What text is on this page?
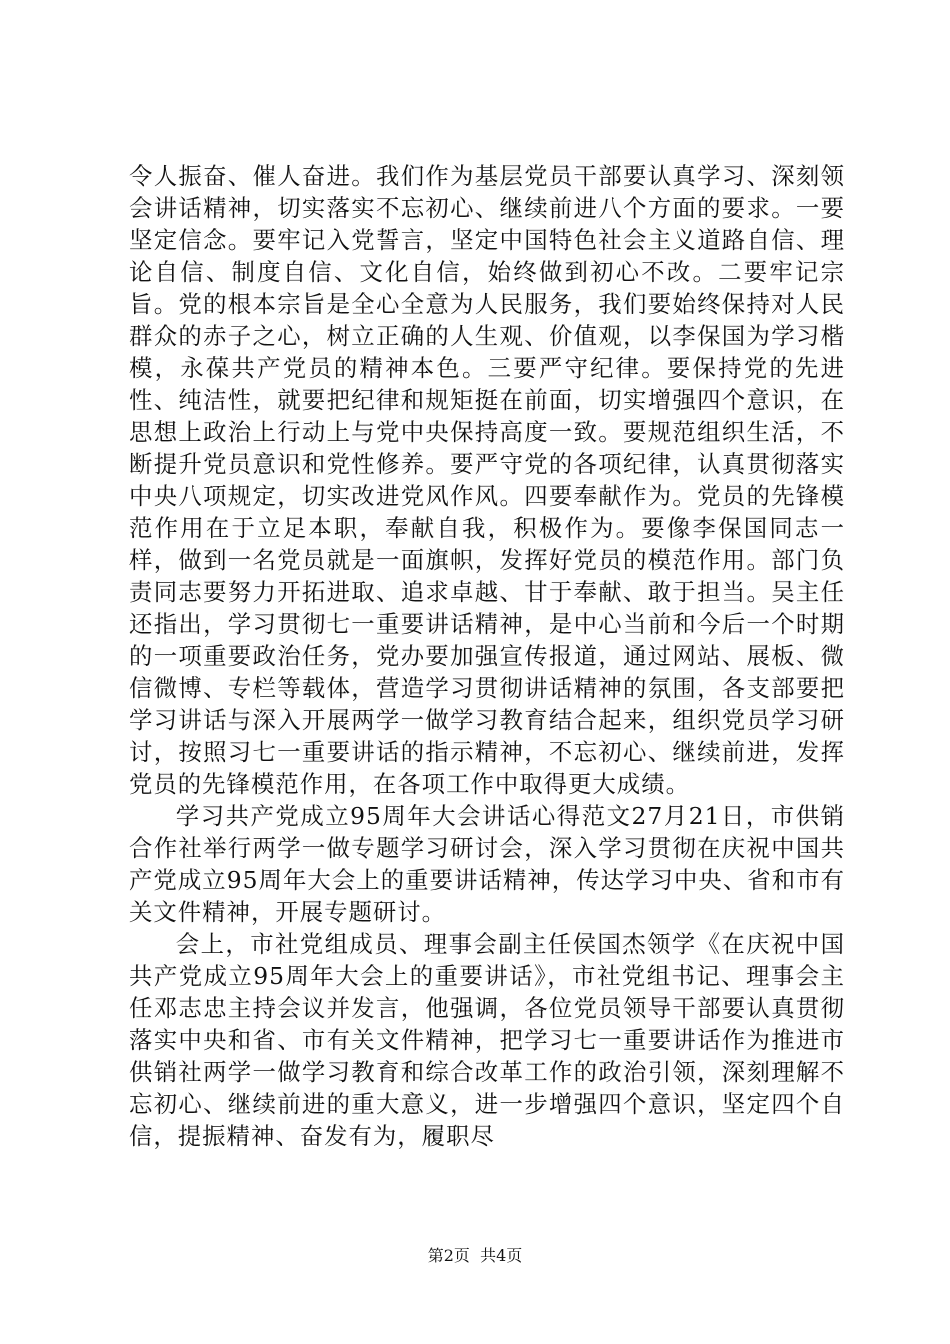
令人振奋、催人奋进。我们作为基层党员干部要认真学习、深刻领会讲话精神，切实落实不忘初心、继续前进八个方面的要求。一要坚定信念。要牢记入党誓言，坚定中国特色社会主义道路自信、理论自信、制度自信、文化自信，始终做到初心不改。二要牢记宗旨。党的根本宗旨是全心全意为人民服务，我们要始终保持对人民群众的赤子之心，树立正确的人生观、价值观，以李保国为学习楷模，永葆共产党员的精神本色。三要严守纪律。要保持党的先进性、纯洁性，就要把纪律和规矩挺在前面，切实增强四个意识，在思想上政治上行动上与党中央保持高度一致。要规范组织生活，不断提升党员意识和党性修养。要严守党的各项纪律，认真贯彻落实中央八项规定，切实改进党风作风。四要奉献作为。党员的先锋模范作用在于立足本职，奉献自我，积极作为。要像李保国同志一样，做到一名党员就是一面旗帜，发挥好党员的模范作用。部门负责同志要努力开拓进取、追求卓越、甘于奉献、敢于担当。吴主任还指出，学习贯彻七一重要讲话精神，是中心当前和今后一个时期的一项重要政治任务，党办要加强宣传报道，通过网站、展板、微信微博、专栏等载体，营造学习贯彻讲话精神的氛围，各支部要把学习讲话与深入开展两学一做学习教育结合起来，组织党员学习研讨，按照习七一重要讲话的指示精神，不忘初心、继续前进，发挥党员的先锋模范作用，在各项工作中取得更大成绩。

学习共产党成立95周年大会讲话心得范文27月21日，市供销合作社举行两学一做专题学习研讨会，深入学习贯彻在庆祝中国共产党成立95周年大会上的重要讲话精神，传达学习中央、省和市有关文件精神，开展专题研讨。

会上，市社党组成员、理事会副主任侯国杰领学《在庆祝中国共产党成立95周年大会上的重要讲话》，市社党组书记、理事会主任邓志忠主持会议并发言，他强调，各位党员领导干部要认真贯彻落实中央和省、市有关文件精神，把学习七一重要讲话作为推进市供销社两学一做学习教育和综合改革工作的政治引领，深刻理解不忘初心、继续前进的重大意义，进一步增强四个意识，坚定四个自信，提振精神、奋发有为，履职尽

第2页  共4页
